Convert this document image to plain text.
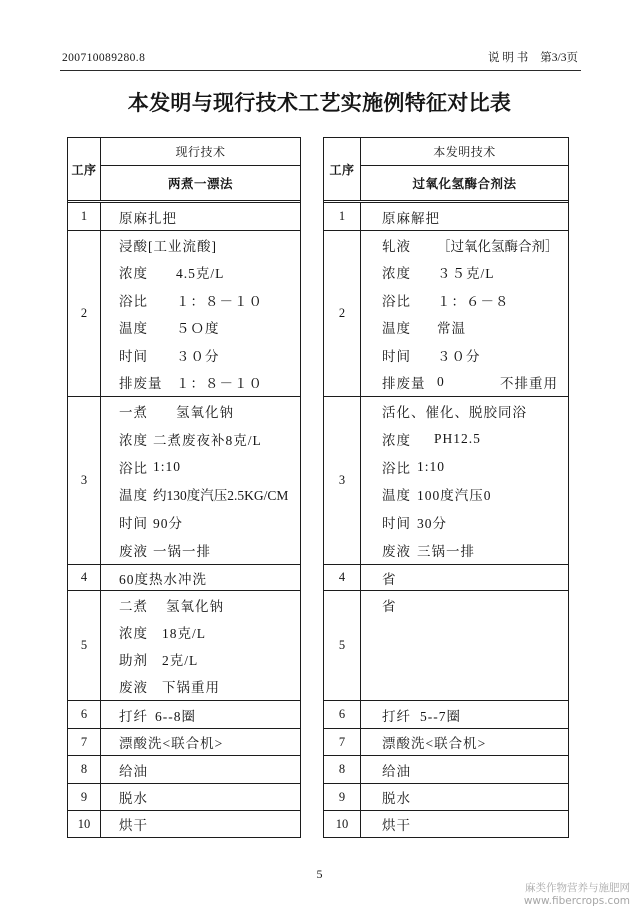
200710089280.8	说 明 书 第3/3页
本发明与现行技术工艺实施例特征对比表
工序
现行技术
两煮一漂法
1	原麻扎把
2
浸酸[工业流酸]
浓度	4.5克/L
浴比	１：８－１０
温度	５Ｏ度
时间	３０分
排废量	１：８－１０
3
一煮	氢氧化钠
浓度 二煮废夜补8克/L
浴比 1:10
温度 约130度汽压2.5KG/CM
时间 90分
废液 一锅一排
4	60度热水冲洗
5
二煮	氢氧化钠
浓度	18克/L
助剂	2克/L
废液	下锅重用
6	打纤 6--8圈
7	漂酸洗<联合机>
8	给油
9	脱水
10	烘干
工序
本发明技术
过氧化氢酶合剂法
1	原麻解把
2
轧液	［过氧化氢酶合剂］
浓度	３５克/L
浴比	１：６－８
温度	常温
时间	３０分
排废量 0	不排重用
3
活化、催化、脱胶同浴
浓度	PH12.5
浴比 1:10
温度 100度汽压0
时间 30分
废液 三锅一排
4	省
5
省
6	打纤 5--7圈
7	漂酸洗<联合机>
8	给油
9	脱水
10	烘干
5
麻类作物营养与施肥网
www.fibercrops.com
